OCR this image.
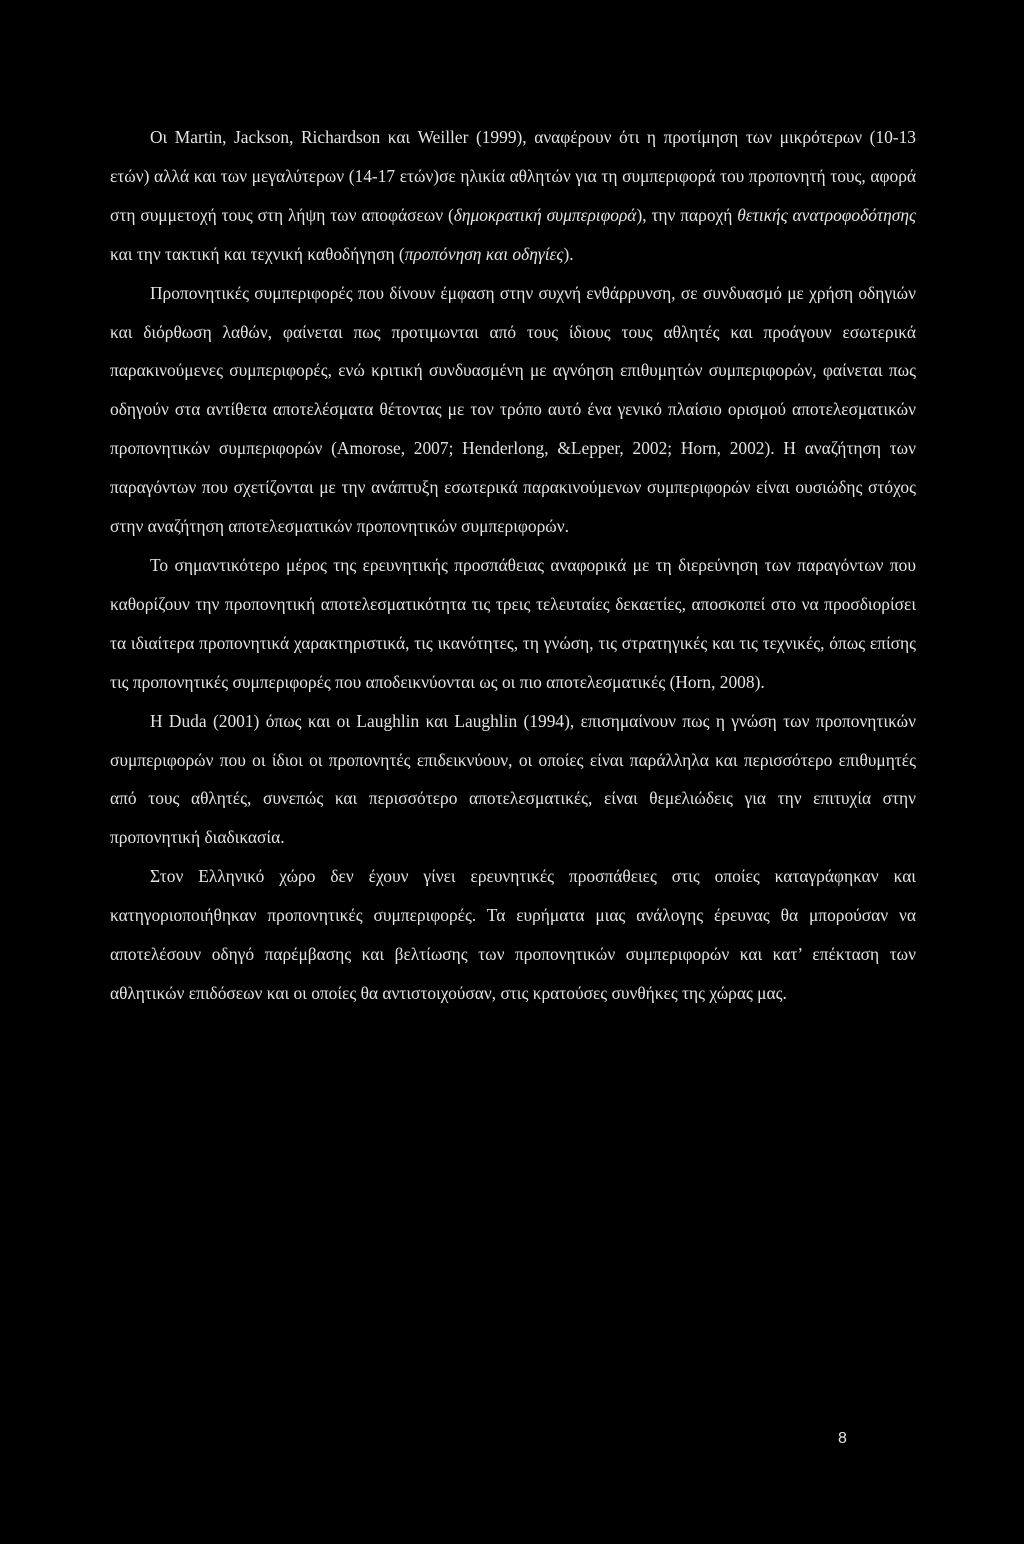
Οι Martin, Jackson, Richardson και Weiller (1999), αναφέρουν ότι η προτίμηση των μικρότερων (10-13 ετών) αλλά και των μεγαλύτερων (14-17 ετών)σε ηλικία αθλητών για τη συμπεριφορά του προπονητή τους, αφορά στη συμμετοχή τους στη λήψη των αποφάσεων (δημοκρατική συμπεριφορά), την παροχή θετικής ανατροφοδότησης και την τακτική και τεχνική καθοδήγηση (προπόνηση και οδηγίες).

Προπονητικές συμπεριφορές που δίνουν έμφαση στην συχνή ενθάρρυνση, σε συνδυασμό με χρήση οδηγιών και διόρθωση λαθών, φαίνεται πως προτιμωνται από τους ίδιους τους αθλητές και προάγουν εσωτερικά παρακινούμενες συμπεριφορές, ενώ κριτική συνδυασμένη με αγνόηση επιθυμητών συμπεριφορών, φαίνεται πως οδηγούν στα αντίθετα αποτελέσματα θέτοντας με τον τρόπο αυτό ένα γενικό πλαίσιο ορισμού αποτελεσματικών προπονητικών συμπεριφορών (Amorose, 2007; Henderlong, &Lepper, 2002; Horn, 2002). Η αναζήτηση των παραγόντων που σχετίζονται με την ανάπτυξη εσωτερικά παρακινούμενων συμπεριφορών είναι ουσιώδης στόχος στην αναζήτηση αποτελεσματικών προπονητικών συμπεριφορών.

Το σημαντικότερο μέρος της ερευνητικής προσπάθειας αναφορικά με τη διερεύνηση των παραγόντων που καθορίζουν την προπονητική αποτελεσματικότητα τις τρεις τελευταίες δεκαετίες, αποσκοπεί στο να προσδιορίσει τα ιδιαίτερα προπονητικά χαρακτηριστικά, τις ικανότητες, τη γνώση, τις στρατηγικές και τις τεχνικές, όπως επίσης τις προπονητικές συμπεριφορές που αποδεικνύονται ως οι πιο αποτελεσματικές (Horn, 2008).

Η Duda (2001) όπως και οι Laughlin και Laughlin (1994), επισημαίνουν πως η γνώση των προπονητικών συμπεριφορών που οι ίδιοι οι προπονητές επιδεικνύουν, οι οποίες είναι παράλληλα και περισσότερο επιθυμητές από τους αθλητές, συνεπώς και περισσότερο αποτελεσματικές, είναι θεμελιώδεις για την επιτυχία στην προπονητική διαδικασία.

Στον Ελληνικό χώρο δεν έχουν γίνει ερευνητικές προσπάθειες στις οποίες καταγράφηκαν και κατηγοριοποιήθηκαν προπονητικές συμπεριφορές. Τα ευρήματα μιας ανάλογης έρευνας θα μπορούσαν να αποτελέσουν οδηγό παρέμβασης και βελτίωσης των προπονητικών συμπεριφορών και κατ’ επέκταση των αθλητικών επιδόσεων και οι οποίες θα αντιστοιχούσαν, στις κρατούσες συνθήκες της χώρας μας.

8
